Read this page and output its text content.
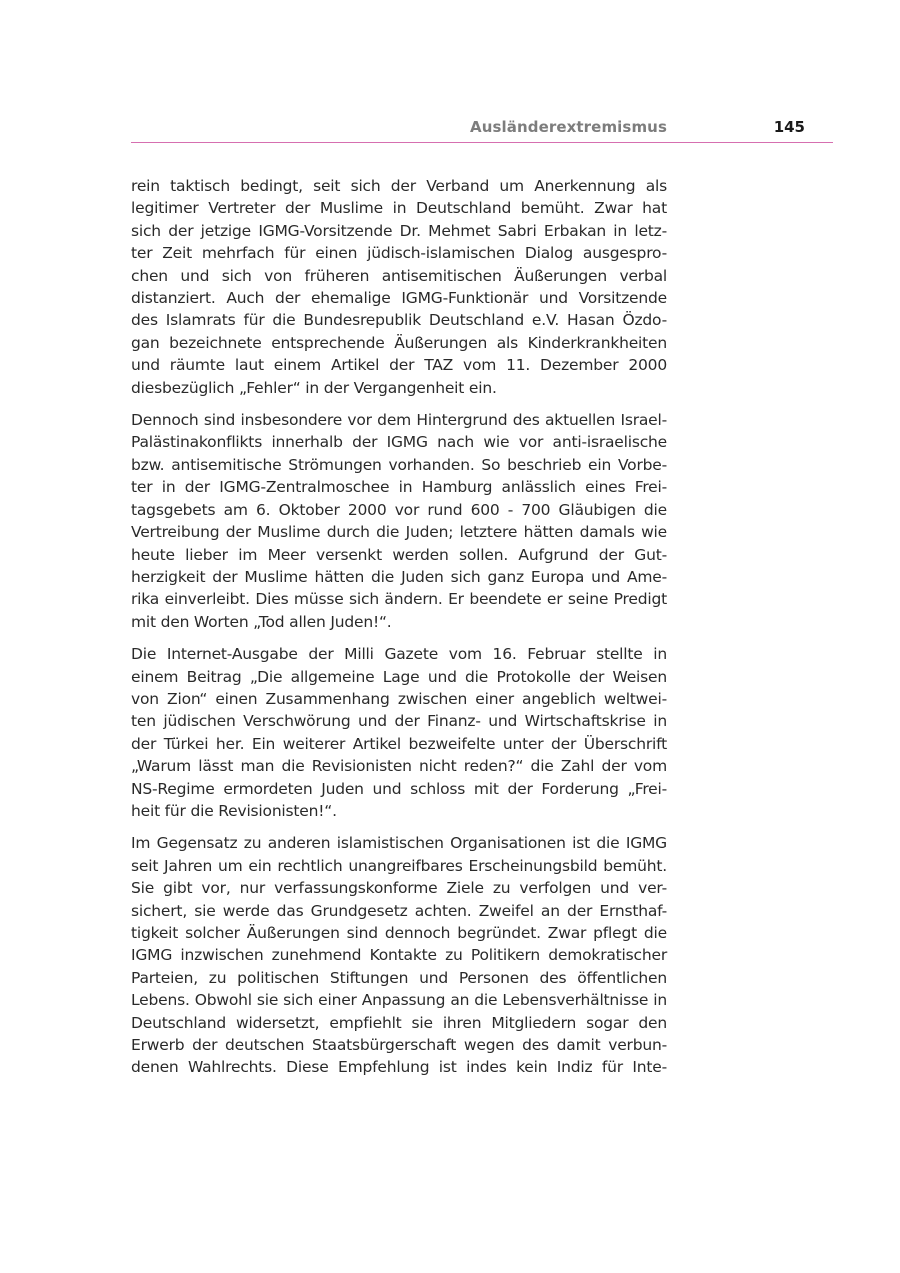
Ausländerextremismus	145

rein taktisch bedingt, seit sich der Verband um Anerkennung als
legitimer Vertreter der Muslime in Deutschland bemüht. Zwar hat
sich der jetzige IGMG-Vorsitzende Dr. Mehmet Sabri Erbakan in letz-
ter Zeit mehrfach für einen jüdisch-islamischen Dialog ausgespro-
chen und sich von früheren antisemitischen Äußerungen verbal
distanziert. Auch der ehemalige IGMG-Funktionär und Vorsitzende
des Islamrats für die Bundesrepublik Deutschland e.V. Hasan Özdo-
gan bezeichnete entsprechende Äußerungen als Kinderkrankheiten
und räumte laut einem Artikel der TAZ vom 11. Dezember 2000
diesbezüglich „Fehler“ in der Vergangenheit ein.

Dennoch sind insbesondere vor dem Hintergrund des aktuellen Israel-
Palästinakonflikts innerhalb der IGMG nach wie vor anti-israelische
bzw. antisemitische Strömungen vorhanden. So beschrieb ein Vorbe-
ter in der IGMG-Zentralmoschee in Hamburg anlässlich eines Frei-
tagsgebets am 6. Oktober 2000 vor rund 600 - 700 Gläubigen die
Vertreibung der Muslime durch die Juden; letztere hätten damals wie
heute lieber im Meer versenkt werden sollen. Aufgrund der Gut-
herzigkeit der Muslime hätten die Juden sich ganz Europa und Ame-
rika einverleibt. Dies müsse sich ändern. Er beendete er seine Predigt
mit den Worten „Tod allen Juden!“.

Die Internet-Ausgabe der Milli Gazete vom 16. Februar stellte in
einem Beitrag „Die allgemeine Lage und die Protokolle der Weisen
von Zion“ einen Zusammenhang zwischen einer angeblich weltwei-
ten jüdischen Verschwörung und der Finanz- und Wirtschaftskrise in
der Türkei her. Ein weiterer Artikel bezweifelte unter der Überschrift
„Warum lässt man die Revisionisten nicht reden?“ die Zahl der vom
NS-Regime ermordeten Juden und schloss mit der Forderung „Frei-
heit für die Revisionisten!“.

Im Gegensatz zu anderen islamistischen Organisationen ist die IGMG
seit Jahren um ein rechtlich unangreifbares Erscheinungsbild bemüht.
Sie gibt vor, nur verfassungskonforme Ziele zu verfolgen und ver-
sichert, sie werde das Grundgesetz achten. Zweifel an der Ernsthaf-
tigkeit solcher Äußerungen sind dennoch begründet. Zwar pflegt die
IGMG inzwischen zunehmend Kontakte zu Politikern demokratischer
Parteien, zu politischen Stiftungen und Personen des öffentlichen
Lebens. Obwohl sie sich einer Anpassung an die Lebensverhältnisse in
Deutschland widersetzt, empfiehlt sie ihren Mitgliedern sogar den
Erwerb der deutschen Staatsbürgerschaft wegen des damit verbun-
denen Wahlrechts. Diese Empfehlung ist indes kein Indiz für Inte-
